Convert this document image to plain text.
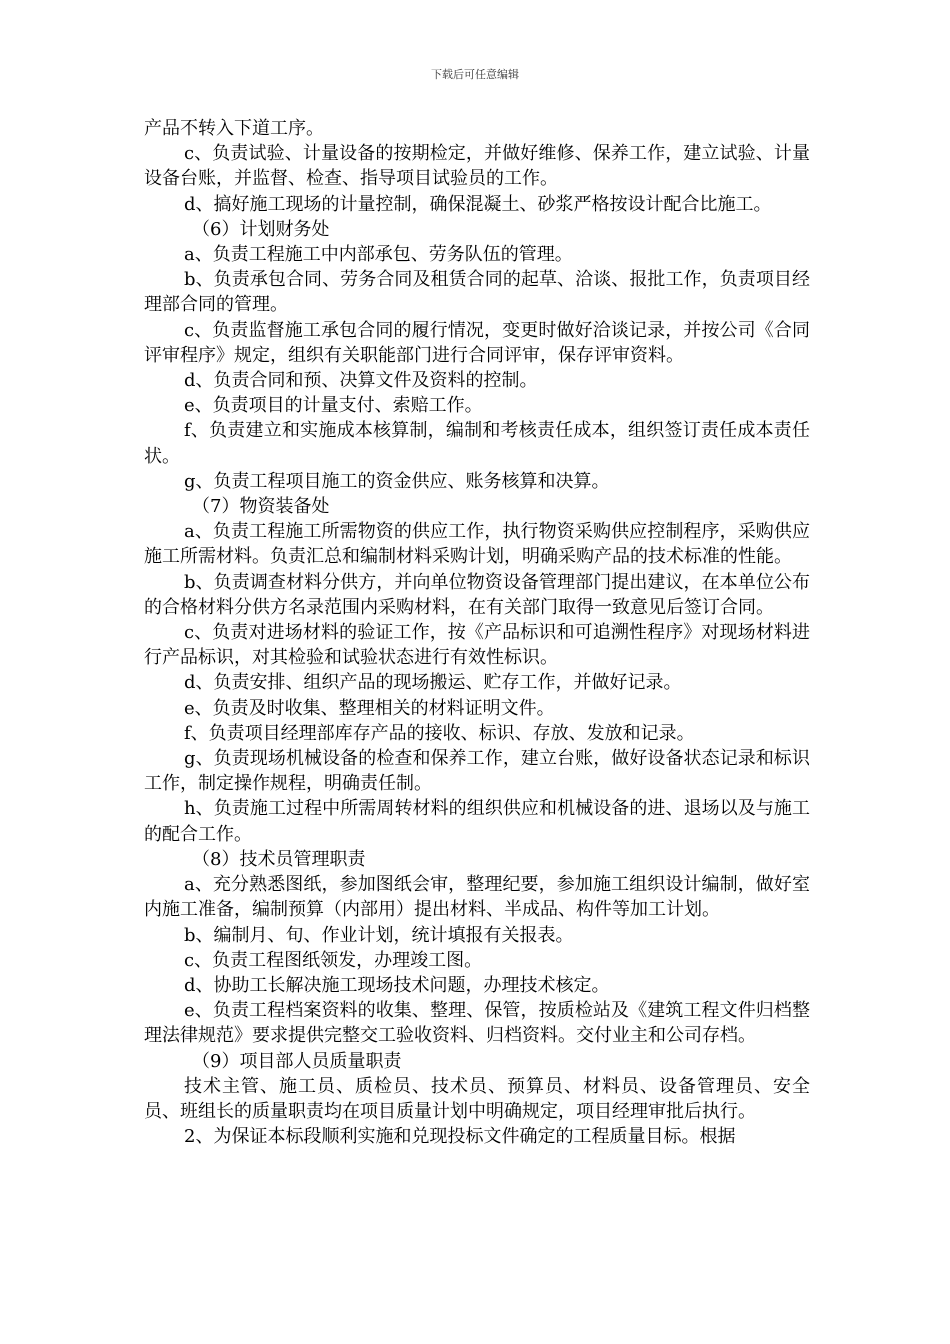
下载后可任意编辑

产品不转入下道工序。

c、负责试验、计量设备的按期检定，并做好维修、保养工作，建立试验、计量设备台账，并监督、检查、指导项目试验员的工作。

d、搞好施工现场的计量控制，确保混凝土、砂浆严格按设计配合比施工。

（6）计划财务处

a、负责工程施工中内部承包、劳务队伍的管理。

b、负责承包合同、劳务合同及租赁合同的起草、洽谈、报批工作，负责项目经理部合同的管理。

c、负责监督施工承包合同的履行情况，变更时做好洽谈记录，并按公司《合同评审程序》规定，组织有关职能部门进行合同评审，保存评审资料。

d、负责合同和预、决算文件及资料的控制。

e、负责项目的计量支付、索赔工作。

f、负责建立和实施成本核算制，编制和考核责任成本，组织签订责任成本责任状。

g、负责工程项目施工的资金供应、账务核算和决算。

（7）物资装备处

a、负责工程施工所需物资的供应工作，执行物资采购供应控制程序，采购供应施工所需材料。负责汇总和编制材料采购计划，明确采购产品的技术标准的性能。

b、负责调查材料分供方，并向单位物资设备管理部门提出建议，在本单位公布的合格材料分供方名录范围内采购材料，在有关部门取得一致意见后签订合同。

c、负责对进场材料的验证工作，按《产品标识和可追溯性程序》对现场材料进行产品标识，对其检验和试验状态进行有效性标识。

d、负责安排、组织产品的现场搬运、贮存工作，并做好记录。

e、负责及时收集、整理相关的材料证明文件。

f、负责项目经理部库存产品的接收、标识、存放、发放和记录。

g、负责现场机械设备的检查和保养工作，建立台账，做好设备状态记录和标识工作，制定操作规程，明确责任制。

h、负责施工过程中所需周转材料的组织供应和机械设备的进、退场以及与施工的配合工作。

（8）技术员管理职责

a、充分熟悉图纸，参加图纸会审，整理纪要，参加施工组织设计编制，做好室内施工准备，编制预算（内部用）提出材料、半成品、构件等加工计划。

b、编制月、旬、作业计划，统计填报有关报表。

c、负责工程图纸领发，办理竣工图。

d、协助工长解决施工现场技术问题，办理技术核定。

e、负责工程档案资料的收集、整理、保管，按质检站及《建筑工程文件归档整理法律规范》要求提供完整交工验收资料、归档资料。交付业主和公司存档。

（9）项目部人员质量职责

技术主管、施工员、质检员、技术员、预算员、材料员、设备管理员、安全员、班组长的质量职责均在项目质量计划中明确规定，项目经理审批后执行。

2、为保证本标段顺利实施和兑现投标文件确定的工程质量目标。根据
